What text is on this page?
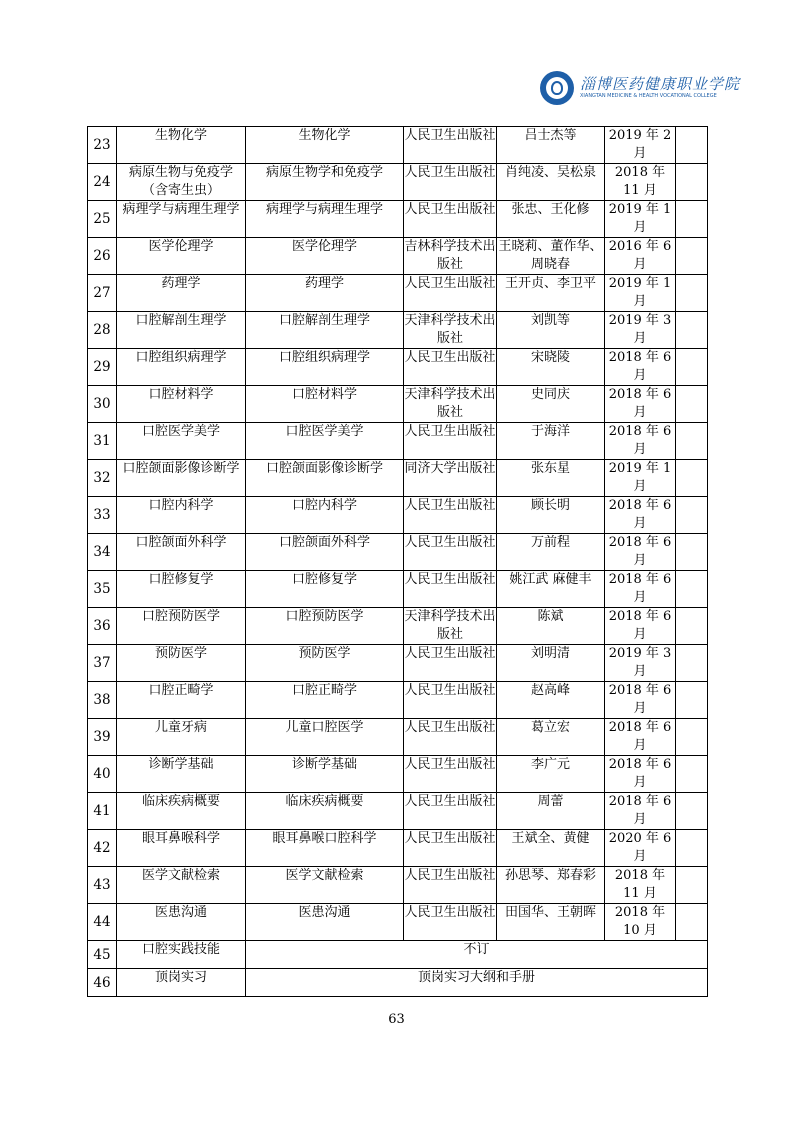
淄博医药健康职业学院
XIANGTAN MEDICINE & HEALTH VOCATIONAL COLLEGE
23	生物化学	生物化学	人民卫生出版社	吕士杰等	2019 年 2 月	
24	病原生物与免疫学（含寄生虫）	病原生物学和免疫学	人民卫生出版社	肖纯凌、吴松泉	2018 年 11 月	
25	病理学与病理生理学	病理学与病理生理学	人民卫生出版社	张忠、王化修	2019 年 1 月	
26	医学伦理学	医学伦理学	吉林科学技术出版社	王晓莉、董作华、周晓春	2016 年 6 月	
27	药理学	药理学	人民卫生出版社	王开贞、李卫平	2019 年 1 月	
28	口腔解剖生理学	口腔解剖生理学	天津科学技术出版社	刘凯等	2019 年 3 月	
29	口腔组织病理学	口腔组织病理学	人民卫生出版社	宋晓陵	2018 年 6 月	
30	口腔材料学	口腔材料学	天津科学技术出版社	史同庆	2018 年 6 月	
31	口腔医学美学	口腔医学美学	人民卫生出版社	于海洋	2018 年 6 月	
32	口腔颌面影像诊断学	口腔颌面影像诊断学	同济大学出版社	张东星	2019 年 1 月	
33	口腔内科学	口腔内科学	人民卫生出版社	顾长明	2018 年 6 月	
34	口腔颌面外科学	口腔颌面外科学	人民卫生出版社	万前程	2018 年 6 月	
35	口腔修复学	口腔修复学	人民卫生出版社	姚江武 麻健丰	2018 年 6 月	
36	口腔预防医学	口腔预防医学	天津科学技术出版社	陈斌	2018 年 6 月	
37	预防医学	预防医学	人民卫生出版社	刘明清	2019 年 3 月	
38	口腔正畸学	口腔正畸学	人民卫生出版社	赵高峰	2018 年 6 月	
39	儿童牙病	儿童口腔医学	人民卫生出版社	葛立宏	2018 年 6 月	
40	诊断学基础	诊断学基础	人民卫生出版社	李广元	2018 年 6 月	
41	临床疾病概要	临床疾病概要	人民卫生出版社	周蕾	2018 年 6 月	
42	眼耳鼻喉科学	眼耳鼻喉口腔科学	人民卫生出版社	王斌全、黄健	2020 年 6 月	
43	医学文献检索	医学文献检索	人民卫生出版社	孙思琴、郑春彩	2018 年 11 月	
44	医患沟通	医患沟通	人民卫生出版社	田国华、王朝晖	2018 年 10 月	
45	口腔实践技能	不订				
46	顶岗实习	顶岗实习大纲和手册				
63
